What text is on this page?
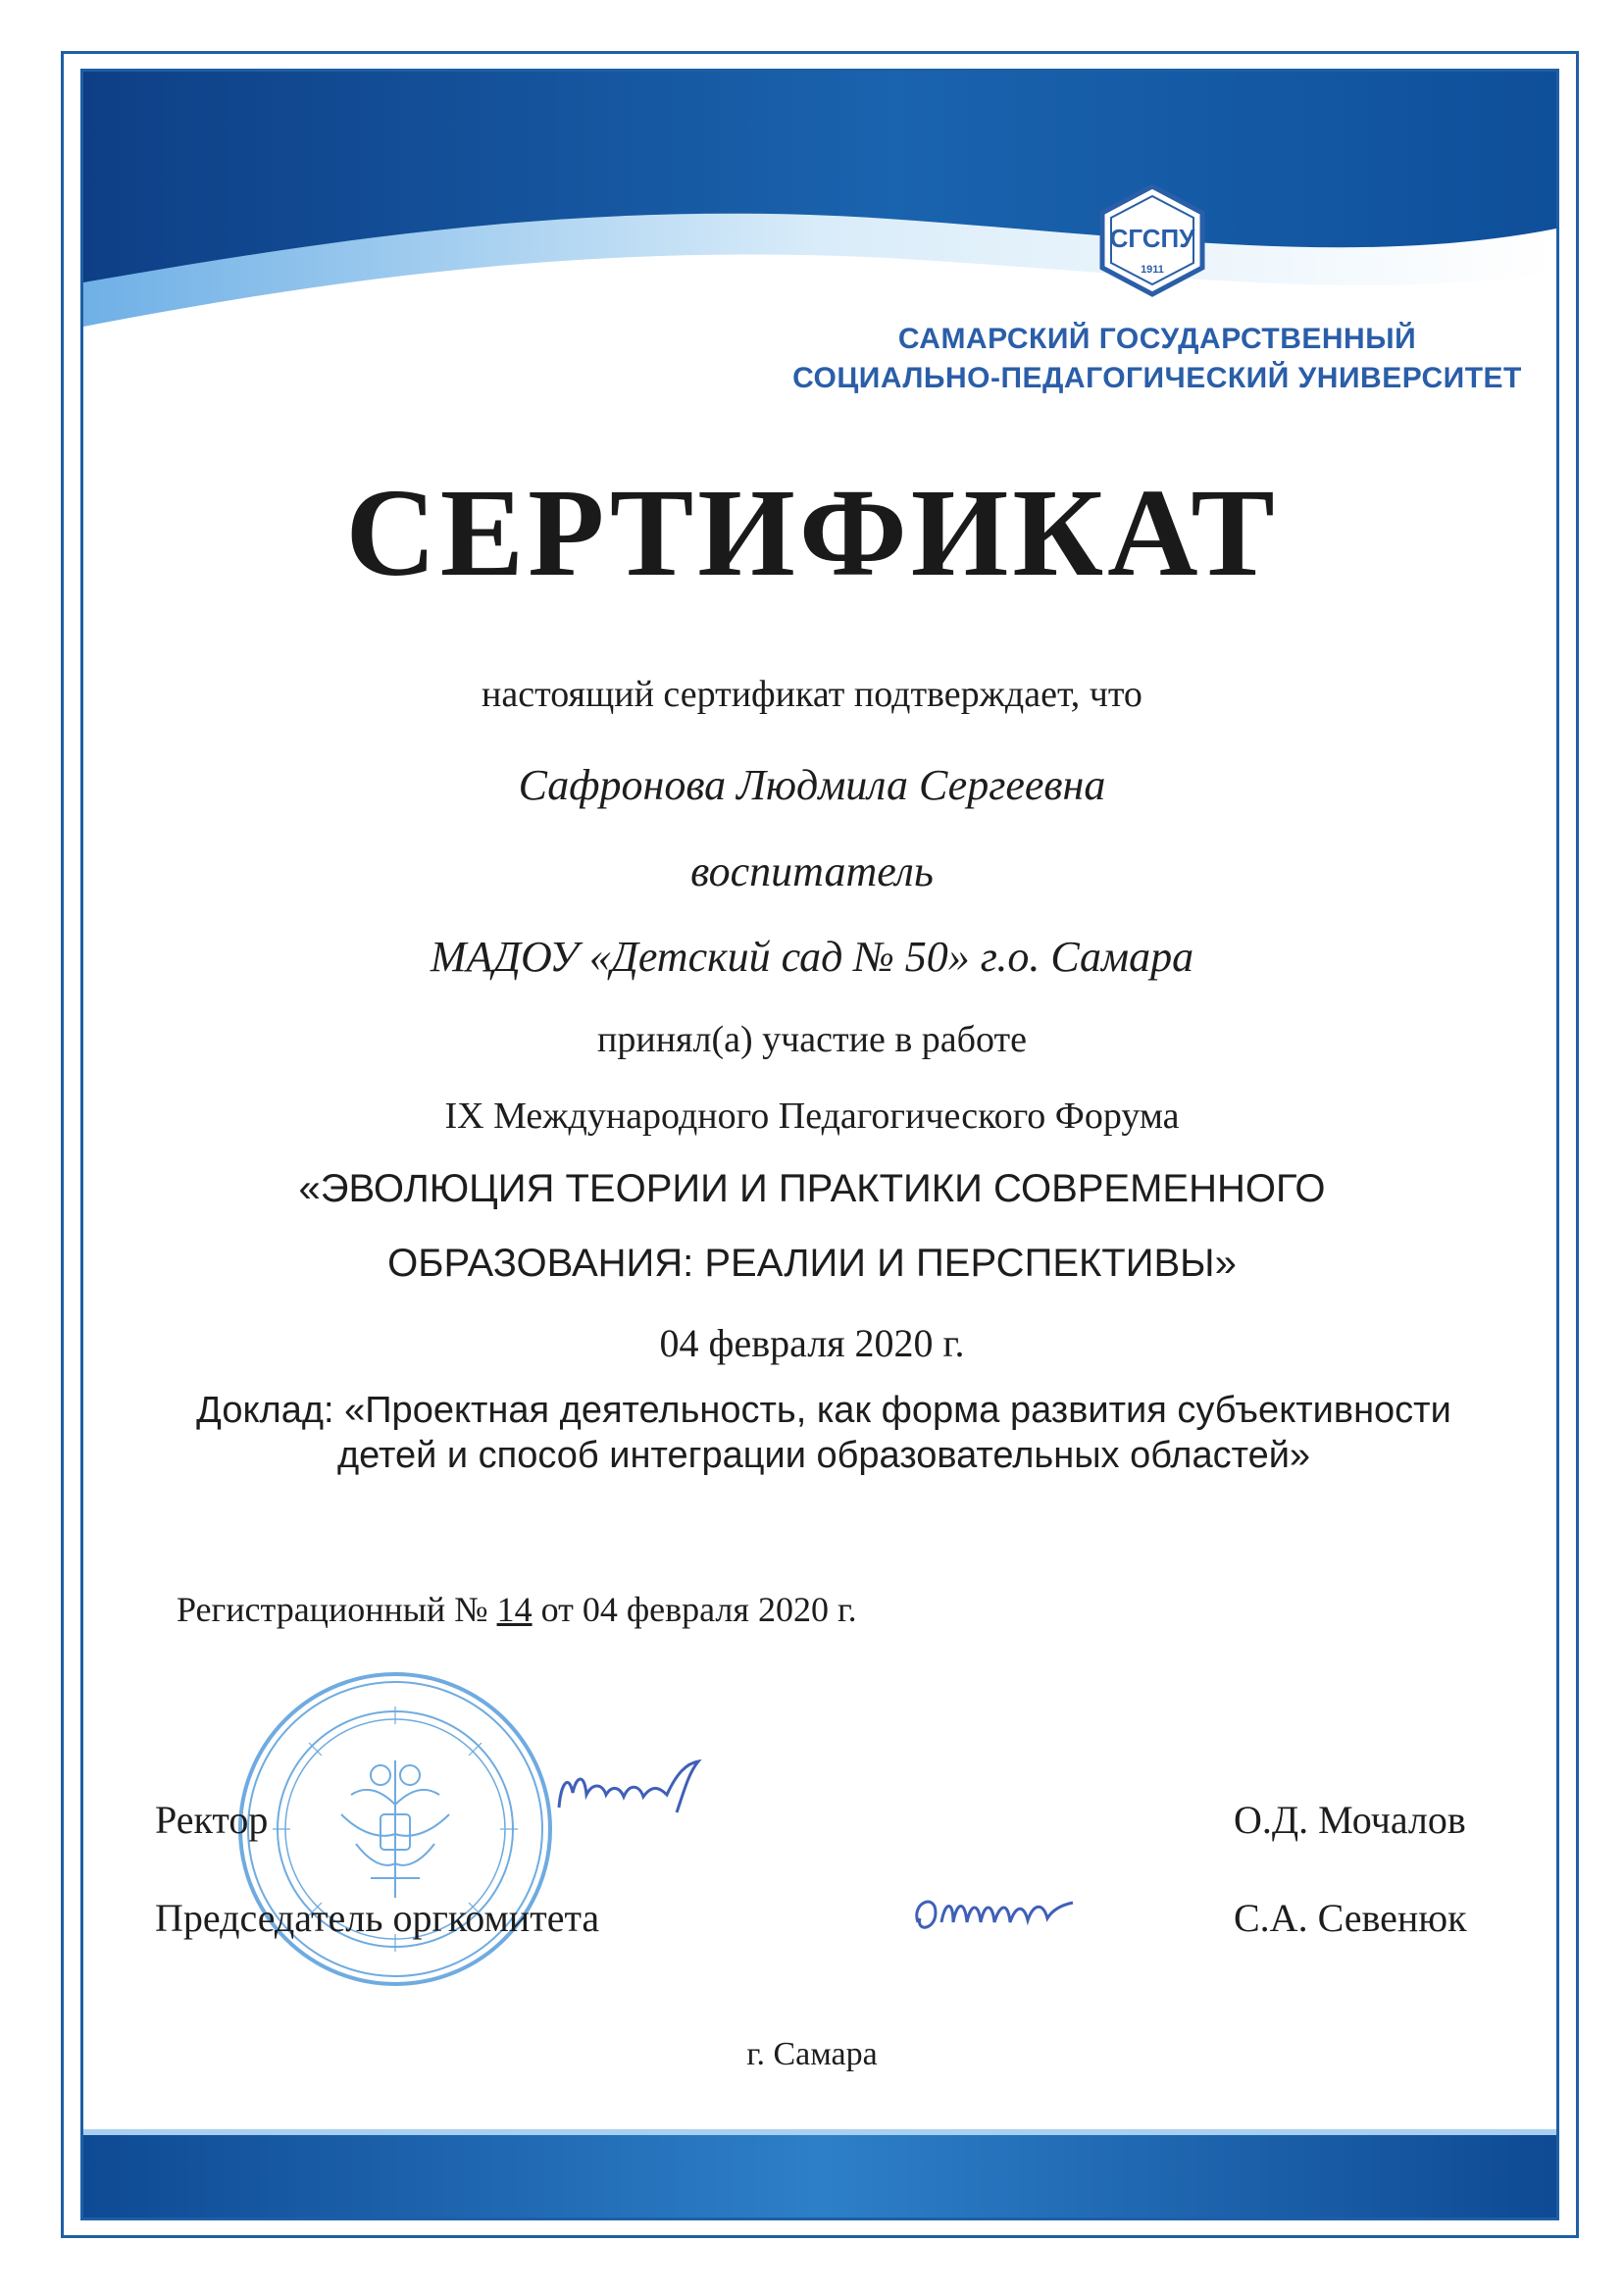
СГСПУ
1911
САМАРСКИЙ ГОСУДАРСТВЕННЫЙ
СОЦИАЛЬНО-ПЕДАГОГИЧЕСКИЙ УНИВЕРСИТЕТ
СЕРТИФИКАТ
настоящий сертификат подтверждает, что
Сафронова Людмила Сергеевна
воспитатель
МАДОУ «Детский сад № 50» г.о. Самара
принял(а) участие в работе
IX Международного Педагогического Форума
«ЭВОЛЮЦИЯ ТЕОРИИ И ПРАКТИКИ СОВРЕМЕННОГО
ОБРАЗОВАНИЯ: РЕАЛИИ И ПЕРСПЕКТИВЫ»
04 февраля 2020 г.
Доклад: «Проектная деятельность, как форма развития субъективности
детей и способ интеграции образовательных областей»
Регистрационный № 14 от 04 февраля 2020 г.
Ректор	О.Д. Мочалов
Председатель оргкомитета	С.А. Севенюк
г. Самара
